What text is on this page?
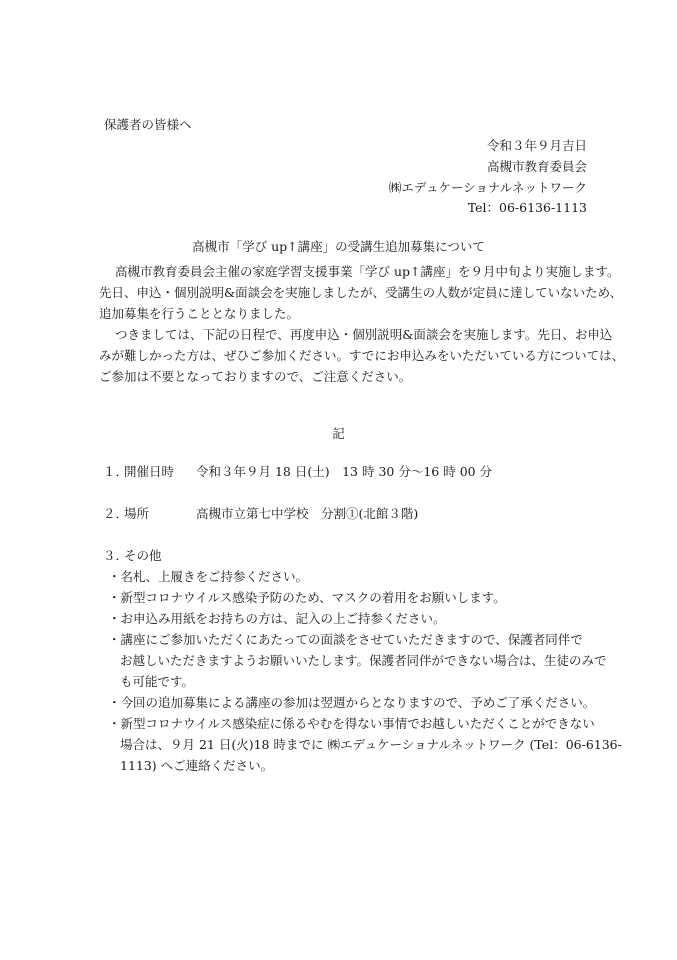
保護者の皆様へ
令和３年９月吉日
高槻市教育委員会
㈱エデュケーショナルネットワーク
Tel：06-6136-1113
高槻市「学び up↑講座」の受講生追加募集について
高槻市教育委員会主催の家庭学習支援事業「学び up↑講座」を９月中旬より実施します。
先日、申込・個別説明&面談会を実施しましたが、受講生の人数が定員に達していないため、
追加募集を行うこととなりました。
つきましては、下記の日程で、再度申込・個別説明&面談会を実施します。先日、お申込
みが難しかった方は、ぜひご参加ください。すでにお申込みをいただいている方については、
ご参加は不要となっておりますので、ご注意ください。
記
１．
開催日時 令和３年９月 18 日(土)　13 時 30 分～16 時 00 分
２．
場所	高槻市立第七中学校　分割①(北館３階)
３．
その他
・名札、上履きをご持参ください。
・新型コロナウイルス感染予防のため、マスクの着用をお願いします。
・お申込み用紙をお持ちの方は、記入の上ご持参ください。
・講座にご参加いただくにあたっての面談をさせていただきますので、保護者同伴で
お越しいただきますようお願いいたします。保護者同伴ができない場合は、生徒のみで
も可能です。
・今回の追加募集による講座の参加は翌週からとなりますので、予めご了承ください。
・新型コロナウイルス感染症に係るやむを得ない事情でお越しいただくことができない
場合は、９月 21 日(火)18 時までに ㈱エデュケーショナルネットワーク (Tel：06-6136-
1113) へご連絡ください。
